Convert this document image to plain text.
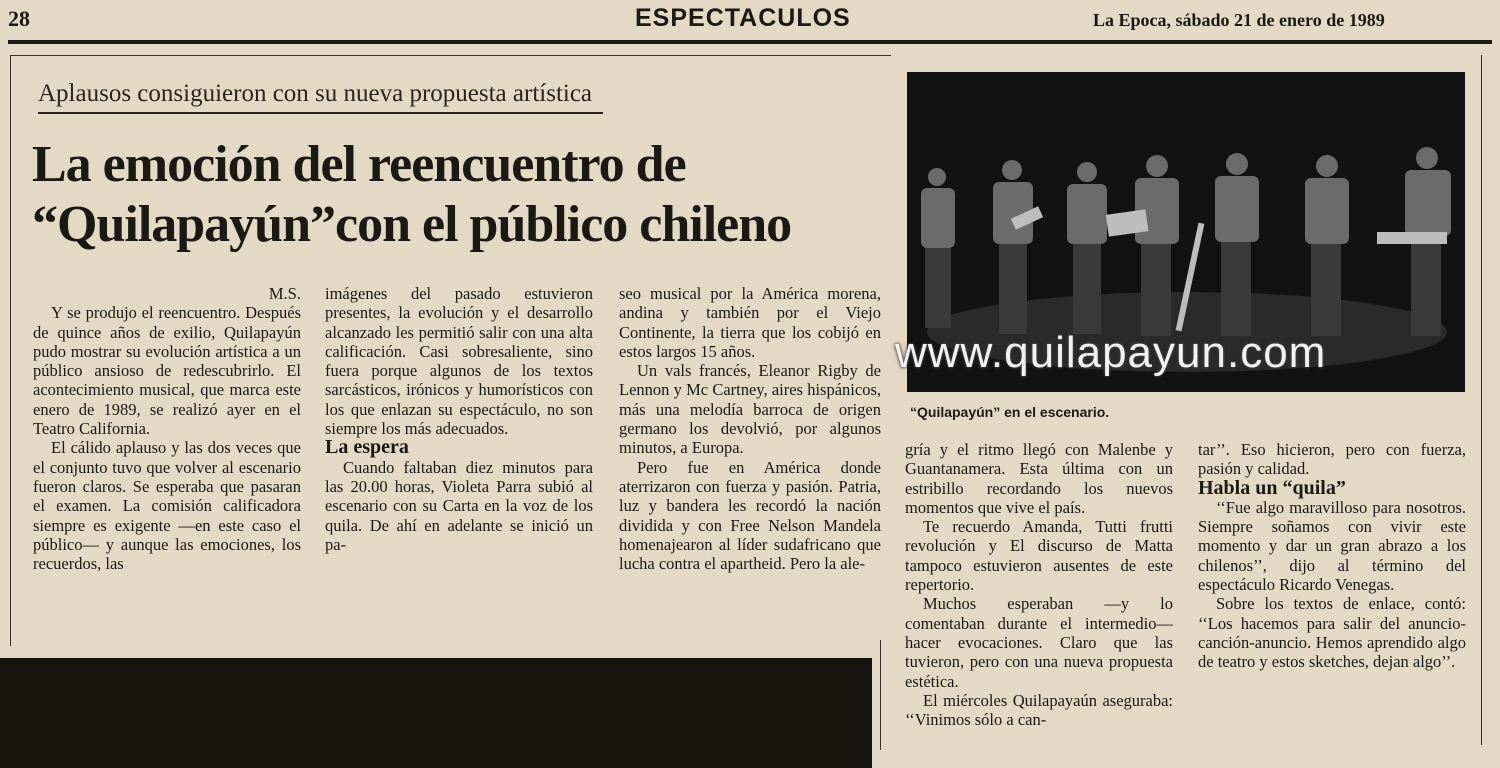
28	ESPECTACULOS	La Epoca, sábado 21 de enero de 1989
Aplausos consiguieron con su nueva propuesta artística
La emoción del reencuentro de
“Quilapayún”con el público chileno

M.S.

Y se produjo el reencuentro. Después de quince años de exilio, Quilapayún pudo mostrar su evolución artística a un público ansioso de redescubrirlo. El acontecimiento musical, que marca este enero de 1989, se realizó ayer en el Teatro California.

El cálido aplauso y las dos veces que el conjunto tuvo que volver al escenario fueron claros. Se esperaba que pasaran el examen. La comisión calificadora siempre es exigente —en este caso el público— y aunque las emociones, los recuerdos, las

imágenes del pasado estuvieron presentes, la evolución y el desarrollo alcanzado les permitió salir con una alta calificación. Casi sobresaliente, sino fuera porque algunos de los textos sarcásticos, irónicos y humorísticos con los que enlazan su espectáculo, no son siempre los más adecuados.

La espera

Cuando faltaban diez minutos para las 20.00 horas, Violeta Parra subió al escenario con su Carta en la voz de los quila. De ahí en adelante se inició un pa-

seo musical por la América morena, andina y también por el Viejo Continente, la tierra que los cobijó en estos largos 15 años.

Un vals francés, Eleanor Rigby de Lennon y Mc Cartney, aires hispánicos, más una melodía barroca de origen germano los devolvió, por algunos minutos, a Europa.

Pero fue en América donde aterrizaron con fuerza y pasión. Patria, luz y bandera les recordó la nación dividida y con Free Nelson Mandela homenajearon al líder sudafricano que lucha contra el apartheid. Pero la ale-

www.quilapayun.com
“Quilapayún” en el escenario.

gría y el ritmo llegó con Malenbe y Guantanamera. Esta última con un estribillo recordando los nuevos momentos que vive el país.

Te recuerdo Amanda, Tutti frutti revolución y El discurso de Matta tampoco estuvieron ausentes de este repertorio.

Muchos esperaban —y lo comentaban durante el intermedio— hacer evocaciones. Claro que las tuvieron, pero con una nueva propuesta estética.

El miércoles Quilapayaún aseguraba: ‘‘Vinimos sólo a can-

tar’’. Eso hicieron, pero con fuerza, pasión y calidad.

Habla un “quila”

‘‘Fue algo maravilloso para nosotros. Siempre soñamos con vivir este momento y dar un gran abrazo a los chilenos’’, dijo al término del espectáculo Ricardo Venegas.

Sobre los textos de enlace, contó: ‘‘Los hacemos para salir del anuncio-canción-anuncio. Hemos aprendido algo de teatro y estos sketches, dejan algo’’.
